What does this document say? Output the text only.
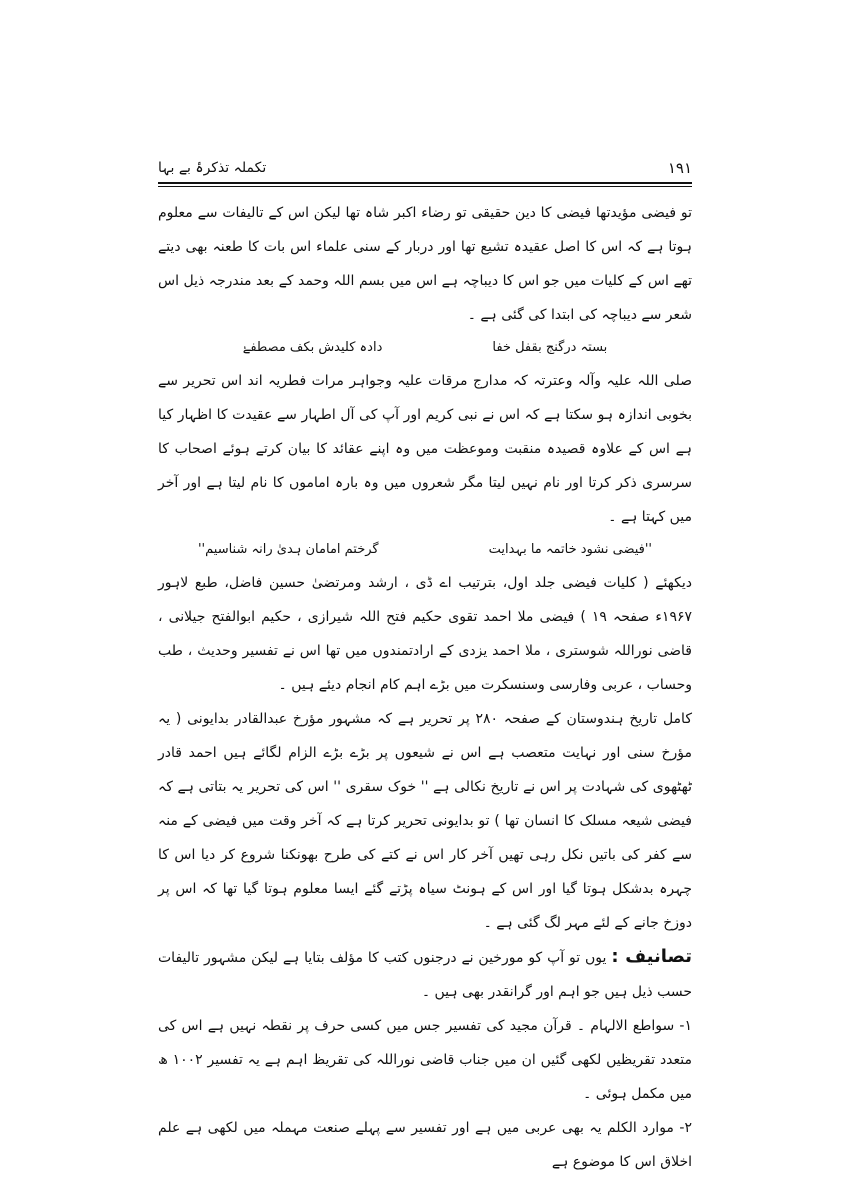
تکملہ تذکرۂ بے بہا	١٩١

تو فیضی مؤیدتھا فیضی کا دین حقیقی تو رضاء اکبر شاہ تھا لیکن اس کے تالیفات سے معلوم ہوتا ہے کہ اس کا اصل عقیدہ تشیع تھا اور دربار کے سنی علماء اس بات کا طعنہ بھی دیتے تھے اس کے کلیات میں جو اس کا دیباچہ ہے اس میں بسم اللہ وحمد کے بعد مندرجہ ذیل اس شعر سے دیباچہ کی ابتدا کی گئی ہے ۔

بستہ درگنج بقفل خفا
دادہ کلیدش بکف مصطفےٰ

صلی اللہ علیہ وآلہ وعترتہ کہ مدارج مرقات علیہ وجواہر مرات فطریہ اند اس تحریر سے بخوبی اندازہ ہو سکتا ہے کہ اس نے نبی کریم اور آپ کی آل اطہار سے عقیدت کا اظہار کیا ہے اس کے علاوہ قصیدہ منقبت وموعظت میں وہ اپنے عقائد کا بیان کرتے ہوئے اصحاب کا سرسری ذکر کرتا اور نام نہیں لیتا مگر شعروں میں وہ بارہ اماموں کا نام لیتا ہے اور آخر میں کہتا ہے ۔

''فیضی نشود خاتمہ ما بہدایت
گرختم امامان ہدیٰ رانہ شناسیم''

دیکھئے ( کلیات فیضی جلد اول، بترتیب اے ڈی ، ارشد ومرتضیٰ حسین فاضل، طبع لاہور ۱۹۶۷ء صفحہ ۱۹ ) فیضی ملا احمد تقوی حکیم فتح اللہ شیرازی ، حکیم ابوالفتح جیلانی ، قاضی نوراللہ شوستری ، ملا احمد یزدی کے ارادتمندوں میں تھا اس نے تفسیر وحدیث ، طب وحساب ، عربی وفارسی وسنسکرت میں بڑے اہم کام انجام دیئے ہیں ۔

کامل تاریخ ہندوستان کے صفحہ ۲۸۰ پر تحریر ہے کہ مشہور مؤرخ عبدالقادر بدایونی ( یہ مؤرخ سنی اور نہایت متعصب ہے اس نے شیعوں پر بڑے بڑے الزام لگائے ہیں احمد قادر ٹھٹھوی کی شہادت پر اس نے تاریخ نکالی ہے '' خوک سقری '' اس کی تحریر یہ بتاتی ہے کہ فیضی شیعہ مسلک کا انسان تھا ) تو بدایونی تحریر کرتا ہے کہ آخر وقت میں فیضی کے منہ سے کفر کی باتیں نکل رہی تھیں آخر کار اس نے کتے کی طرح بھونکنا شروع کر دیا اس کا چہرہ بدشکل ہوتا گیا اور اس کے ہونٹ سیاہ پڑتے گئے ایسا معلوم ہوتا گیا تھا کہ اس پر دوزخ جانے کے لئے مہر لگ گئی ہے ۔

تصانیف : یوں تو آپ کو مورخین نے درجنوں کتب کا مؤلف بتایا ہے لیکن مشہور تالیفات حسب ذیل ہیں جو اہم اور گرانقدر بھی ہیں ۔

۱- سواطع الالہام ۔ قرآن مجید کی تفسیر جس میں کسی حرف پر نقطہ نہیں ہے اس کی متعدد تقریظیں لکھی گئیں ان میں جناب قاضی نوراللہ کی تقریظ اہم ہے یہ تفسیر ۱۰۰۲ ھ میں مکمل ہوئی ۔

۲- موارد الکلم یہ بھی عربی میں ہے اور تفسیر سے پہلے صنعت مہملہ میں لکھی ہے علم اخلاق اس کا موضوع ہے
